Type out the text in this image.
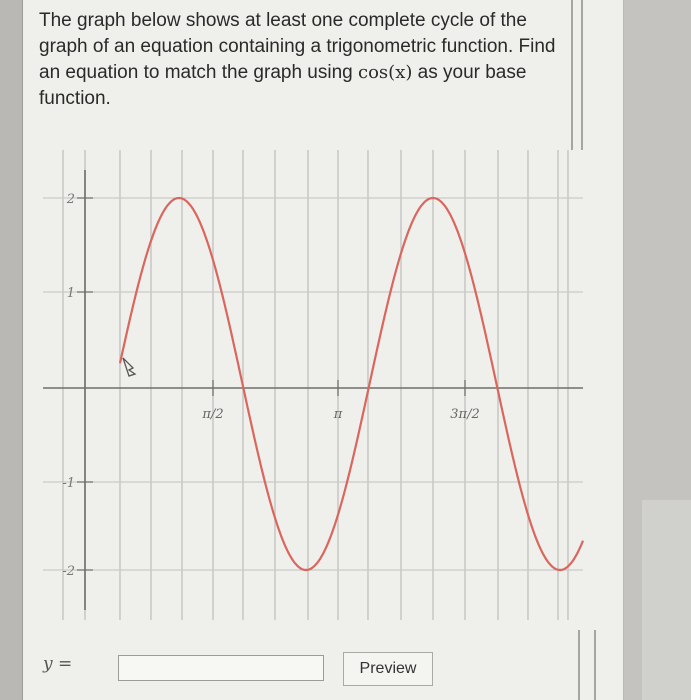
The graph below shows at least one complete cycle of the graph of an equation containing a trigonometric function. Find an equation to match the graph using cos(x) as your base function.

2
1
-1
-2
π/2	π	3π/2
y =	Preview
